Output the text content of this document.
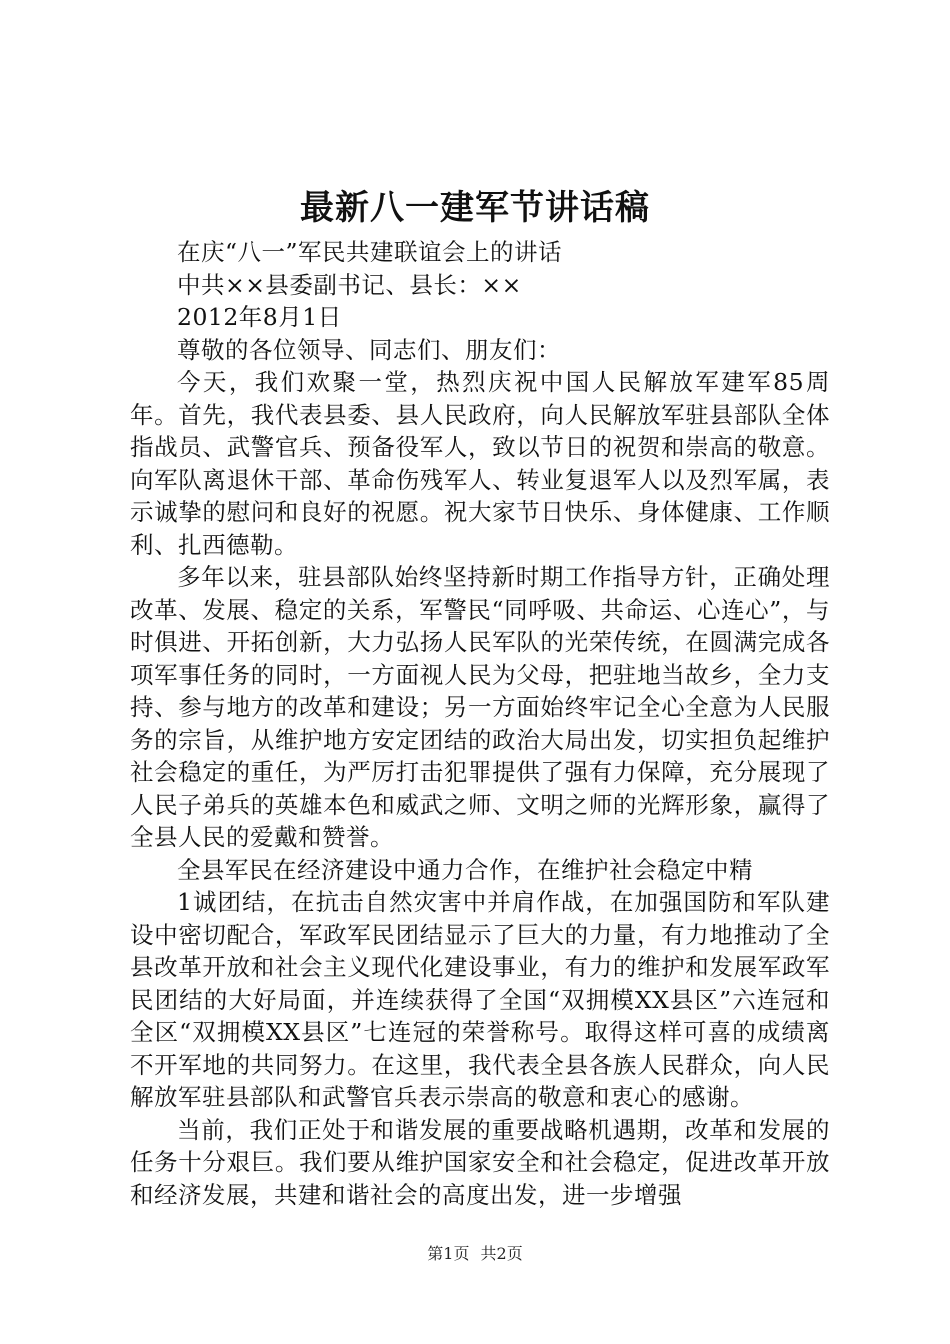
最新八一建军节讲话稿

在庆“八一”军民共建联谊会上的讲话

中共××县委副书记、县长：××

2012年8月1日

尊敬的各位领导、同志们、朋友们：

今天，我们欢聚一堂，热烈庆祝中国人民解放军建军85周年。首先，我代表县委、县人民政府，向人民解放军驻县部队全体指战员、武警官兵、预备役军人，致以节日的祝贺和崇高的敬意。向军队离退休干部、革命伤残军人、转业复退军人以及烈军属，表示诚挚的慰问和良好的祝愿。祝大家节日快乐、身体健康、工作顺利、扎西德勒。

多年以来，驻县部队始终坚持新时期工作指导方针，正确处理改革、发展、稳定的关系，军警民“同呼吸、共命运、心连心”，与时俱进、开拓创新，大力弘扬人民军队的光荣传统，在圆满完成各项军事任务的同时，一方面视人民为父母，把驻地当故乡，全力支持、参与地方的改革和建设；另一方面始终牢记全心全意为人民服务的宗旨，从维护地方安定团结的政治大局出发，切实担负起维护社会稳定的重任，为严厉打击犯罪提供了强有力保障，充分展现了人民子弟兵的英雄本色和威武之师、文明之师的光辉形象，赢得了全县人民的爱戴和赞誉。

全县军民在经济建设中通力合作，在维护社会稳定中精

1诚团结，在抗击自然灾害中并肩作战，在加强国防和军队建设中密切配合，军政军民团结显示了巨大的力量，有力地推动了全县改革开放和社会主义现代化建设事业，有力的维护和发展军政军民团结的大好局面，并连续获得了全国“双拥模XX县区”六连冠和全区“双拥模XX县区”七连冠的荣誉称号。取得这样可喜的成绩离不开军地的共同努力。在这里，我代表全县各族人民群众，向人民解放军驻县部队和武警官兵表示崇高的敬意和衷心的感谢。

当前，我们正处于和谐发展的重要战略机遇期，改革和发展的任务十分艰巨。我们要从维护国家安全和社会稳定，促进改革开放和经济发展，共建和谐社会的高度出发，进一步增强

第1页 共2页
